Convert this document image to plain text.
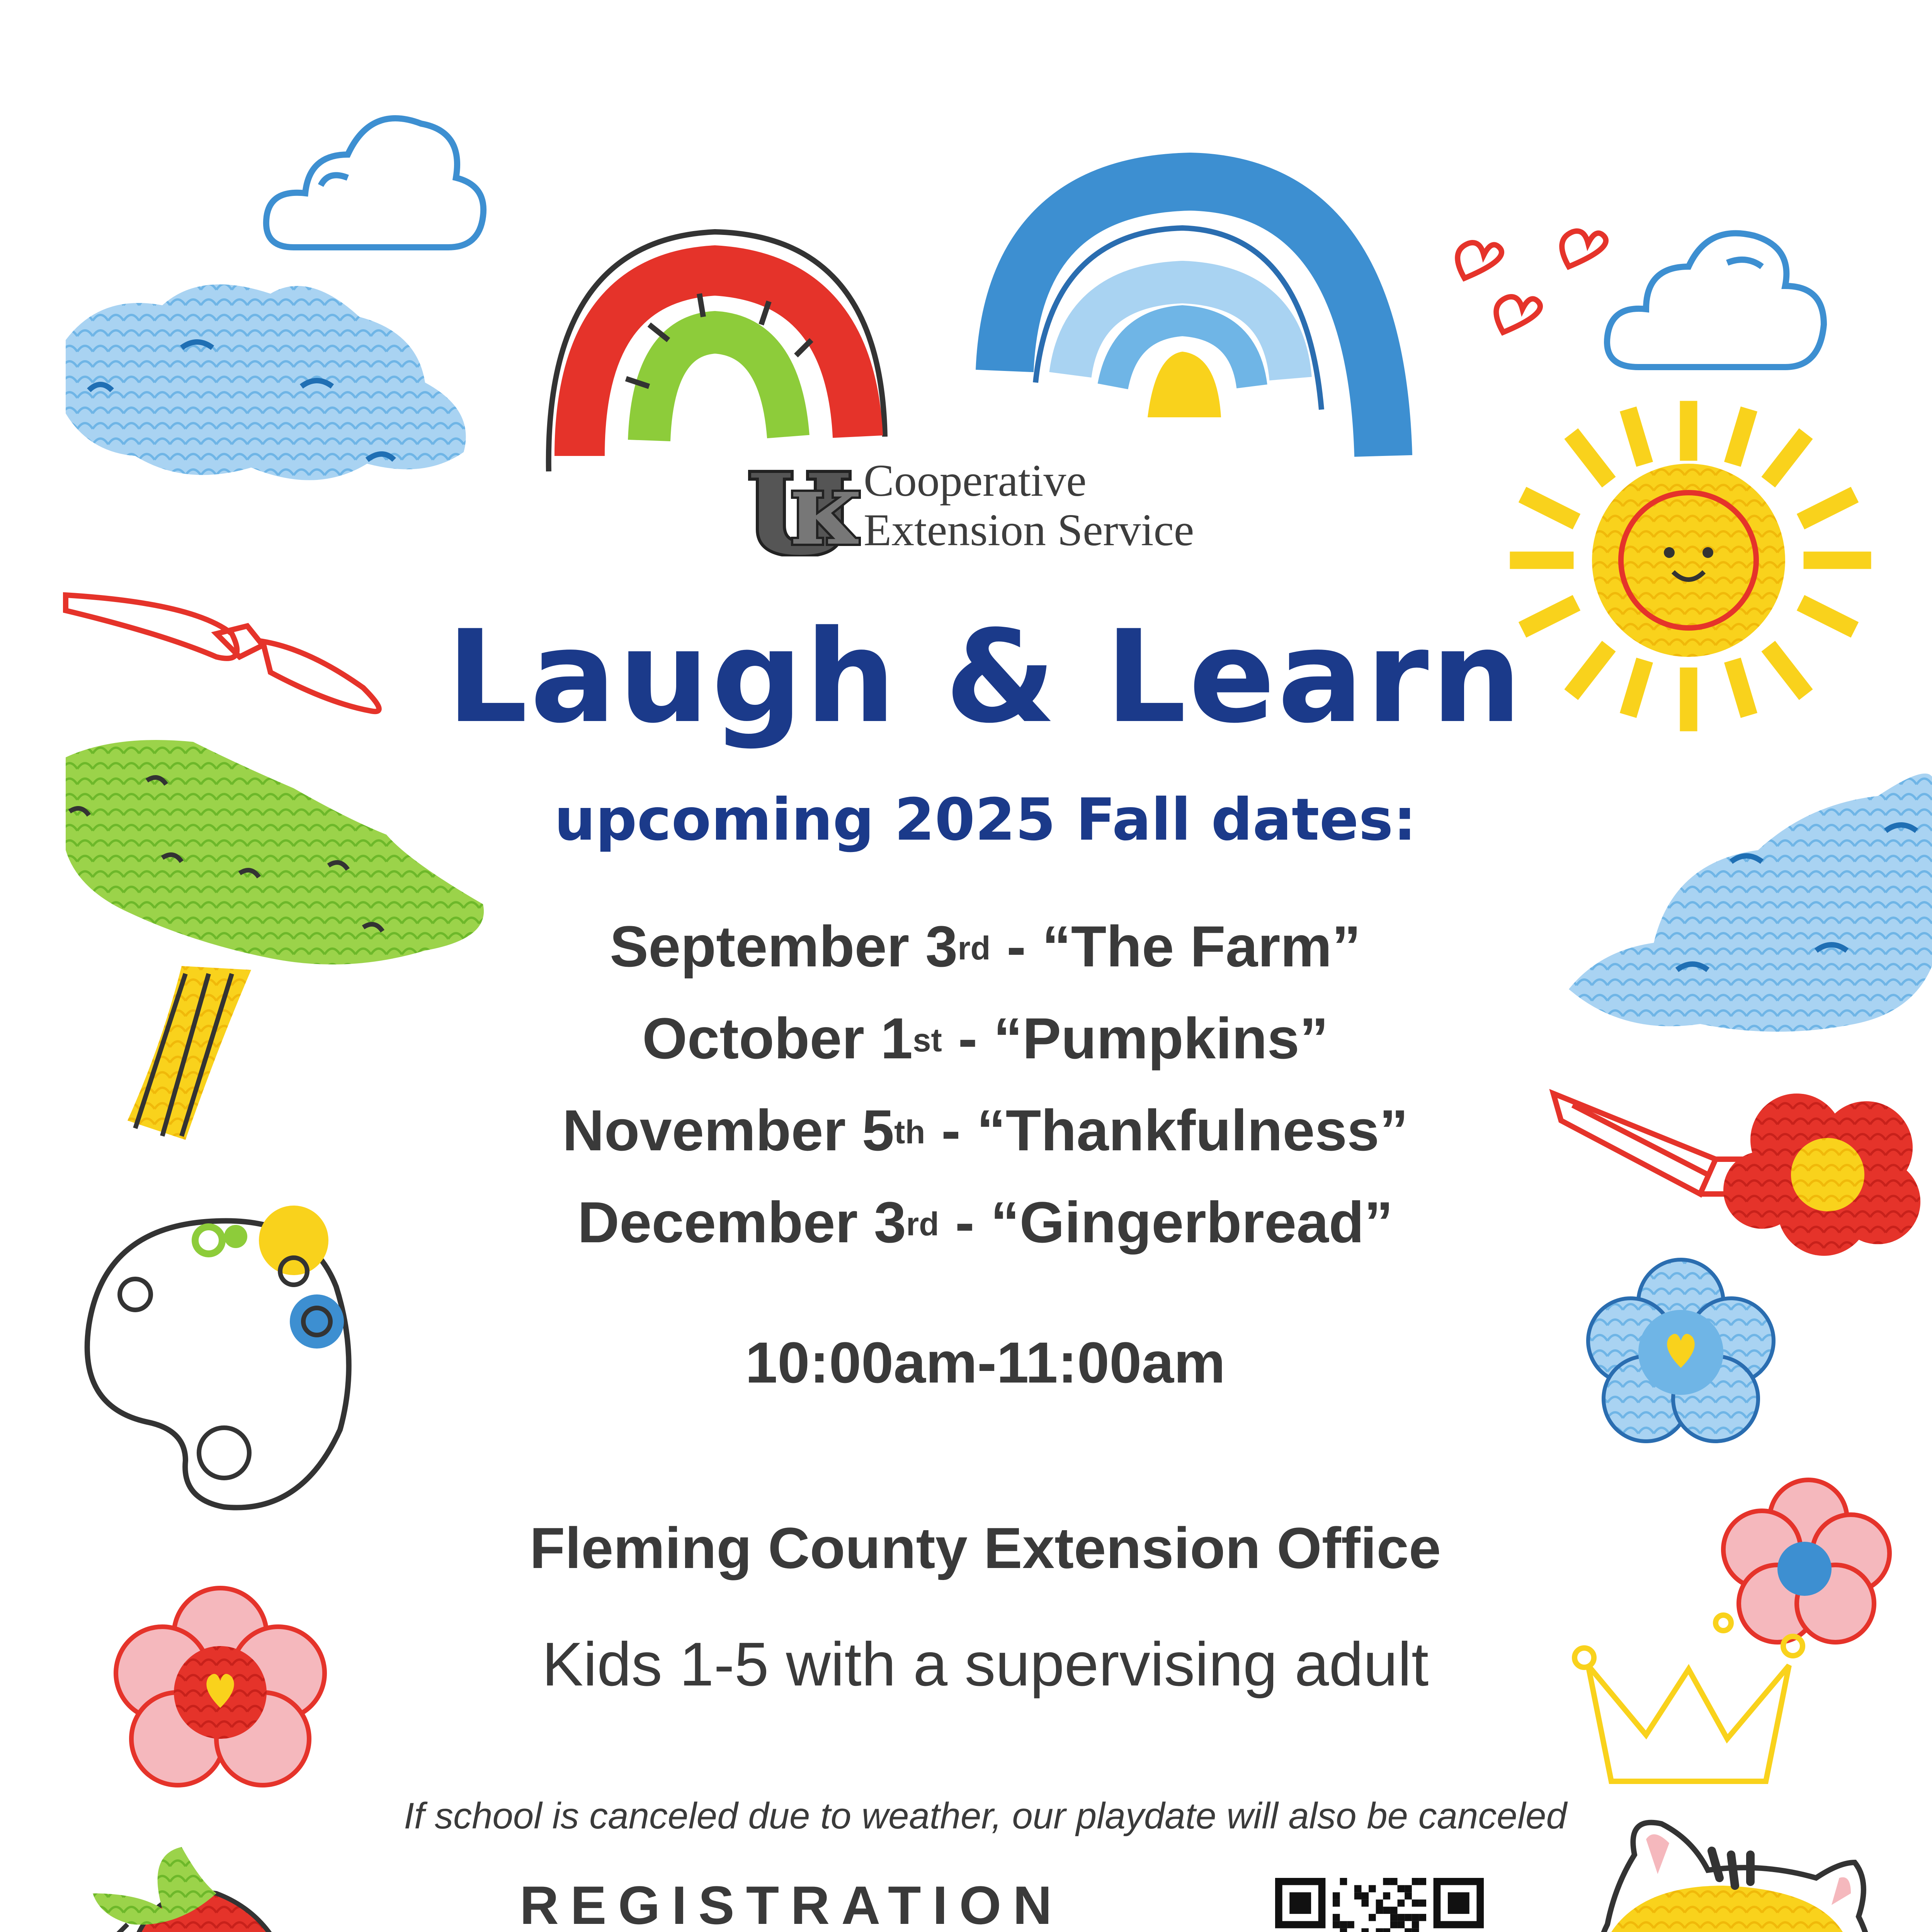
Cooperative
Extension Service
Laugh & Learn
upcoming 2025 Fall dates:
September 3rd - “The Farm”
October 1st - “Pumpkins”
November 5th - “Thankfulness”
December 3rd - “Gingerbread”
10:00am-11:00am
Fleming County Extension Office
Kids 1-5 with a supervising adult
If school is canceled due to weather, our playdate will also be canceled
REGISTRATION
